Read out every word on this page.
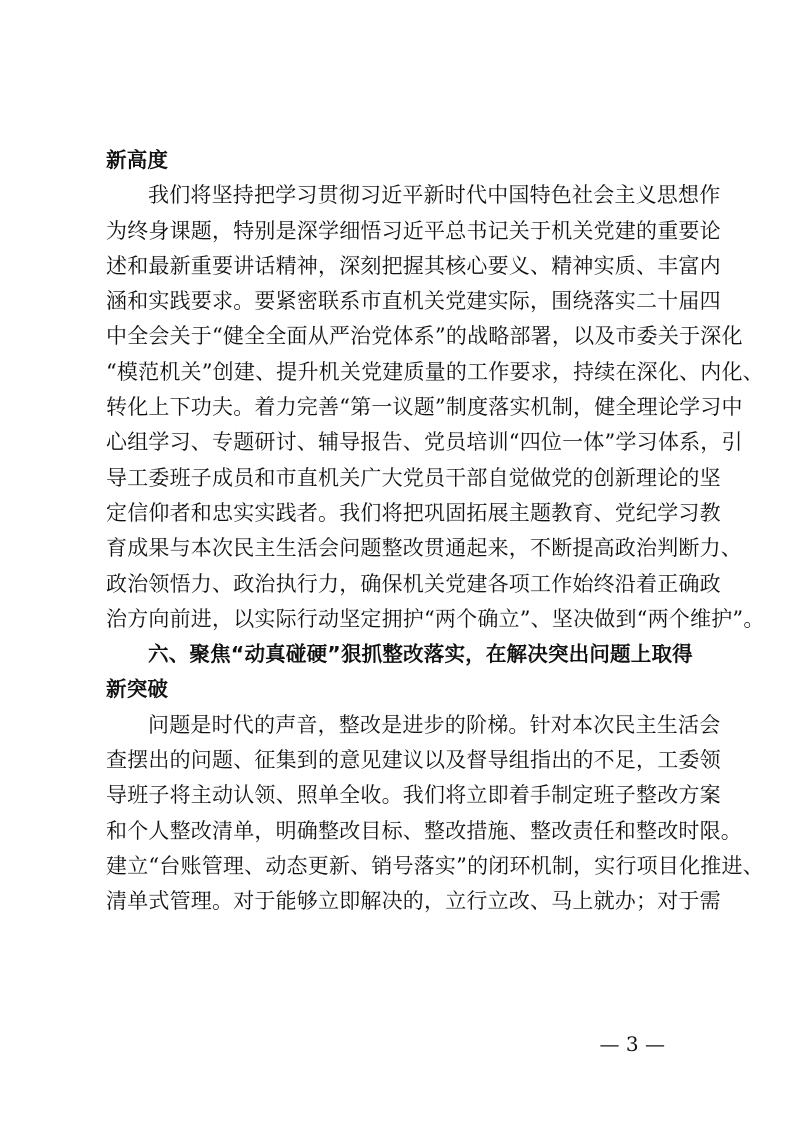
新高度
我们将坚持把学习贯彻习近平新时代中国特色社会主义思想作
为终身课题，特别是深学细悟习近平总书记关于机关党建的重要论
述和最新重要讲话精神，深刻把握其核心要义、精神实质、丰富内
涵和实践要求。要紧密联系市直机关党建实际，围绕落实二十届四
中全会关于“健全全面从严治党体系”的战略部署，以及市委关于深化
“模范机关”创建、提升机关党建质量的工作要求，持续在深化、内化、
转化上下功夫。着力完善“第一议题”制度落实机制，健全理论学习中
心组学习、专题研讨、辅导报告、党员培训“四位一体”学习体系，引
导工委班子成员和市直机关广大党员干部自觉做党的创新理论的坚
定信仰者和忠实实践者。我们将把巩固拓展主题教育、党纪学习教
育成果与本次民主生活会问题整改贯通起来，不断提高政治判断力、
政治领悟力、政治执行力，确保机关党建各项工作始终沿着正确政
治方向前进，以实际行动坚定拥护“两个确立”、坚决做到“两个维护”。
六、聚焦“动真碰硬”狠抓整改落实，在解决突出问题上取得
新突破
问题是时代的声音，整改是进步的阶梯。针对本次民主生活会
查摆出的问题、征集到的意见建议以及督导组指出的不足，工委领
导班子将主动认领、照单全收。我们将立即着手制定班子整改方案
和个人整改清单，明确整改目标、整改措施、整改责任和整改时限。
建立“台账管理、动态更新、销号落实”的闭环机制，实行项目化推进、
清单式管理。对于能够立即解决的，立行立改、马上就办；对于需
— 3 —
